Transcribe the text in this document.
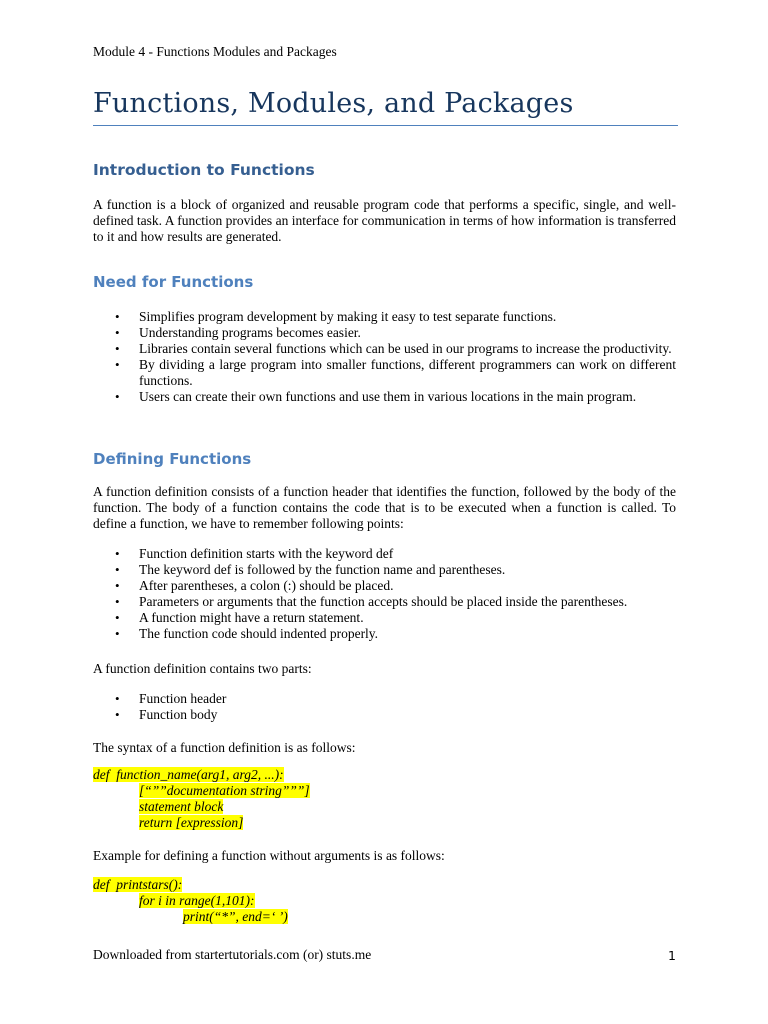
Module 4 - Functions Modules and Packages
Functions, Modules, and Packages
Introduction to Functions

A function is a block of organized and reusable program code that performs a specific, single, and well-defined task. A function provides an interface for communication in terms of how information is transferred to it and how results are generated.

Need for Functions
• Simplifies program development by making it easy to test separate functions.
• Understanding programs becomes easier.
• Libraries contain several functions which can be used in our programs to increase the productivity.
• By dividing a large program into smaller functions, different programmers can work on different functions.
• Users can create their own functions and use them in various locations in the main program.
Defining Functions

A function definition consists of a function header that identifies the function, followed by the body of the function. The body of a function contains the code that is to be executed when a function is called. To define a function, we have to remember following points:

• Function definition starts with the keyword def
• The keyword def is followed by the function name and parentheses.
• After parentheses, a colon (:) should be placed.
• Parameters or arguments that the function accepts should be placed inside the parentheses.
• A function might have a return statement.
• The function code should indented properly.

A function definition contains two parts:

• Function header
• Function body

The syntax of a function definition is as follows:

def  function_name(arg1, arg2, ...):
[“””documentation string”””]
statement block
return [expression]

Example for defining a function without arguments is as follows:

def  printstars():
for i in range(1,101):
print(“*”, end=‘ ’)
Downloaded from startertutorials.com (or) stuts.me	1
